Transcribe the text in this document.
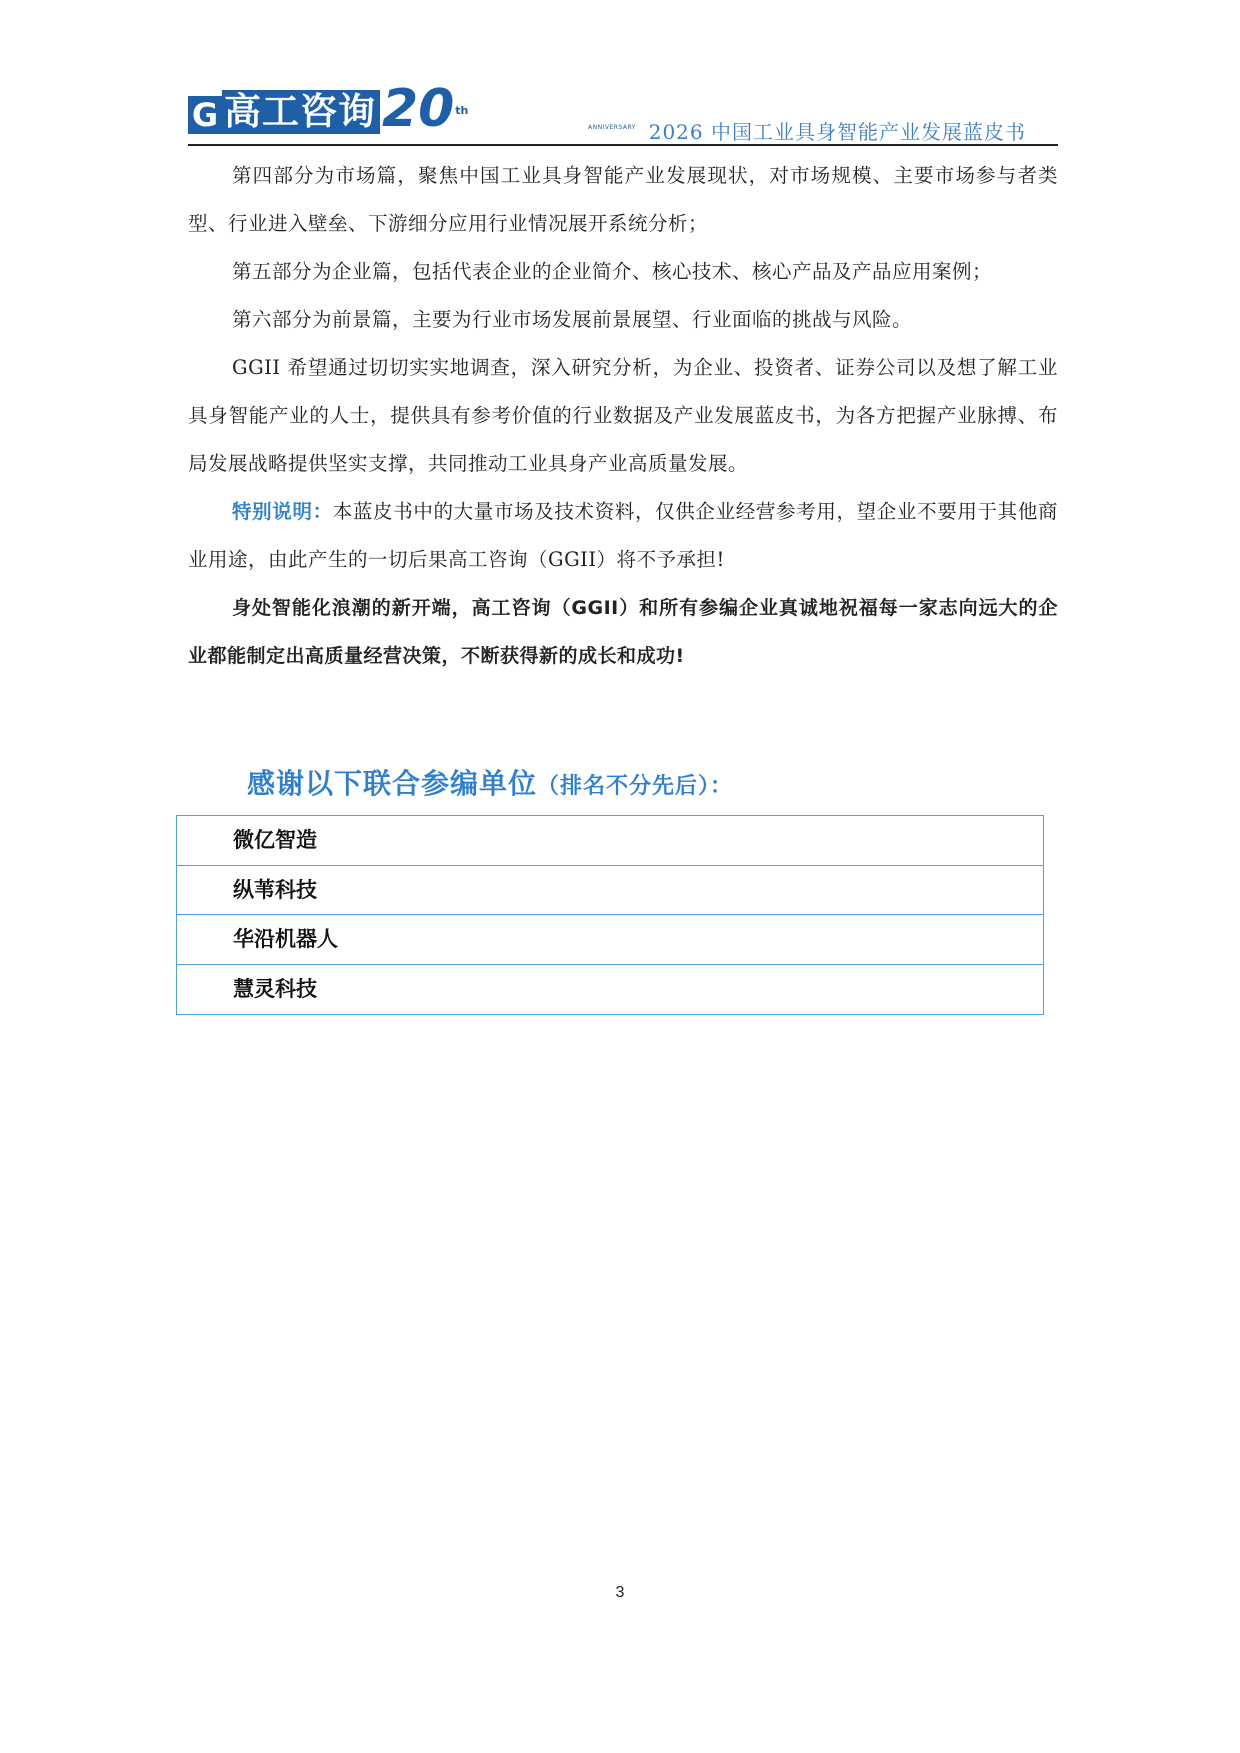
G 高工咨询 20 th
ANNIVERSARY 2026 中国工业具身智能产业发展蓝皮书

第四部分为市场篇，聚焦中国工业具身智能产业发展现状，对市场规模、主要市场参与者类型、行业进入壁垒、下游细分应用行业情况展开系统分析；

第五部分为企业篇，包括代表企业的企业简介、核心技术、核心产品及产品应用案例；

第六部分为前景篇，主要为行业市场发展前景展望、行业面临的挑战与风险。

GGII 希望通过切切实实地调查，深入研究分析，为企业、投资者、证券公司以及想了解工业具身智能产业的人士，提供具有参考价值的行业数据及产业发展蓝皮书，为各方把握产业脉搏、布局发展战略提供坚实支撑，共同推动工业具身产业高质量发展。

特别说明：本蓝皮书中的大量市场及技术资料，仅供企业经营参考用，望企业不要用于其他商业用途，由此产生的一切后果高工咨询（GGII）将不予承担!

身处智能化浪潮的新开端，高工咨询（GGII）和所有参编企业真诚地祝福每一家志向远大的企业都能制定出高质量经营决策，不断获得新的成长和成功!

感谢以下联合参编单位（排名不分先后）：
微亿智造
纵苇科技
华沿机器人
慧灵科技
3
